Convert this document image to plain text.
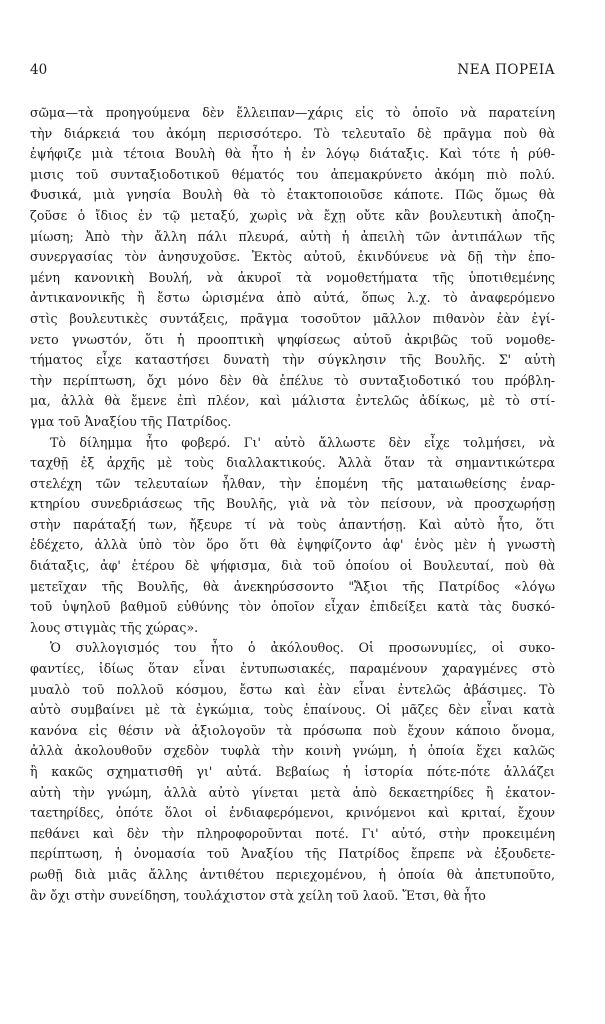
40	ΝΕΑ ΠΟΡΕΙΑ
σῶμα—τὰ προηγούμενα δὲν ἔλλειπαν—χάρις εἰς τὸ ὁποῖο νὰ παρατείνη
τὴν διάρκειά του ἀκόμη περισσότερο. Τὸ τελευταῖο δὲ πρᾶγμα ποὺ θὰ
ἐψήφιζε μιὰ τέτοια Βουλὴ θὰ ἦτο ἡ ἐν λόγῳ διάταξις. Καὶ τότε ἡ ρύθ-
μισις τοῦ συνταξιοδοτικοῦ θέματός του ἀπεμακρύνετο ἀκόμη πιὸ πολύ.
Φυσικά, μιὰ γνησία Βουλὴ θὰ τὸ ἐτακτοποιοῦσε κάποτε. Πῶς ὅμως θὰ
ζοῦσε ὁ ἴδιος ἐν τῷ μεταξύ, χωρὶς νὰ ἔχῃ οὔτε κἂν βουλευτικὴ ἀποζη-
μίωση; Ἀπὸ τὴν ἄλλη πάλι πλευρά, αὐτὴ ἡ ἀπειλὴ τῶν ἀντιπάλων τῆς
συνεργασίας τὸν ἀνησυχοῦσε. Ἐκτὸς αὐτοῦ, ἐκινδύνευε νὰ δῇ τὴν ἑπο-
μένη κανονικὴ Βουλή, νὰ ἀκυροῖ τὰ νομοθετήματα τῆς ὑποτιθεμένης
ἀντικανονικῆς ἢ ἔστω ὡρισμένα ἀπὸ αὐτά, ὅπως λ.χ. τὸ ἀναφερόμενο
στὶς βουλευτικὲς συντάξεις, πρᾶγμα τοσοῦτον μᾶλλον πιθανὸν ἐὰν ἐγί-
νετο γνωστόν, ὅτι ἡ προοπτικὴ ψηφίσεως αὐτοῦ ἀκριβῶς τοῦ νομοθε-
τήματος εἶχε καταστήσει δυνατὴ τὴν σύγκλησιν τῆς Βουλῆς. Σ' αὐτὴ
τὴν περίπτωση, ὄχι μόνο δὲν θὰ ἐπέλυε τὸ συνταξιοδοτικό του πρόβλη-
μα, ἀλλὰ θὰ ἔμενε ἐπὶ πλέον, καὶ μάλιστα ἐντελῶς ἀδίκως, μὲ τὸ στί-
γμα τοῦ Ἀναξίου τῆς Πατρίδος.
Τὸ δίλημμα ἦτο φοβερό. Γι' αὐτὸ ἄλλωστε δὲν εἶχε τολμήσει, νὰ
ταχθῇ ἐξ ἀρχῆς μὲ τοὺς διαλλακτικούς. Ἀλλὰ ὅταν τὰ σημαντικώτερα
στελέχη τῶν τελευταίων ἦλθαν, τὴν ἑπομένη τῆς ματαιωθείσης ἐναρ-
κτηρίου συνεδριάσεως τῆς Βουλῆς, γιὰ νὰ τὸν πείσουν, νὰ προσχωρήσῃ
στὴν παράταξή των, ἤξευρε τί νὰ τοὺς ἀπαντήσῃ. Καὶ αὐτὸ ἦτο, ὅτι
ἐδέχετο, ἀλλὰ ὑπὸ τὸν ὅρο ὅτι θὰ ἐψηφίζοντο ἀφ' ἑνὸς μὲν ἡ γνωστὴ
διάταξις, ἀφ' ἑτέρου δὲ ψήφισμα, διὰ τοῦ ὁποίου οἱ Βουλευταί, ποὺ θὰ
μετεῖχαν τῆς Βουλῆς, θὰ ἀνεκηρύσσοντο "Ἄξιοι τῆς Πατρίδος «λόγω
τοῦ ὑψηλοῦ βαθμοῦ εὐθύνης τὸν ὁποῖον εἶχαν ἐπιδείξει κατὰ τὰς δυσκό-
λους στιγμὰς τῆς χώρας».
Ὁ συλλογισμός του ἦτο ὁ ἀκόλουθος. Οἱ προσωνυμίες, οἱ συκο-
φαντίες, ἰδίως ὅταν εἶναι ἐντυπωσιακές, παραμένουν χαραγμένες στὸ
μυαλὸ τοῦ πολλοῦ κόσμου, ἔστω καὶ ἐὰν εἶναι ἐντελῶς ἀβάσιμες. Τὸ
αὐτὸ συμβαίνει μὲ τὰ ἐγκώμια, τοὺς ἐπαίνους. Οἱ μᾶζες δὲν εἶναι κατὰ
κανόνα εἰς θέσιν νὰ ἀξιολογοῦν τὰ πρόσωπα ποὺ ἔχουν κάποιο ὄνομα,
ἀλλὰ ἀκολουθοῦν σχεδὸν τυφλὰ τὴν κοινὴ γνώμη, ἡ ὁποία ἔχει καλῶς
ἢ κακῶς σχηματισθῆ γι' αὐτά. Βεβαίως ἡ ἱστορία πότε-πότε ἀλλάζει
αὐτὴ τὴν γνώμη, ἀλλὰ αὐτὸ γίνεται μετὰ ἀπὸ δεκαετηρίδες ἢ ἑκατον-
ταετηρίδες, ὁπότε ὅλοι οἱ ἐνδιαφερόμενοι, κρινόμενοι καὶ κριταί, ἔχουν
πεθάνει καὶ δὲν τὴν πληροφοροῦνται ποτέ. Γι' αὐτό, στὴν προκειμένη
περίπτωση, ἡ ὀνομασία τοῦ Ἀναξίου τῆς Πατρίδος ἔπρεπε νὰ ἐξουδετε-
ρωθῇ διὰ μιᾶς ἄλλης ἀντιθέτου περιεχομένου, ἡ ὁποία θὰ ἀπετυποῦτο,
ἂν ὄχι στὴν συνείδηση, τουλάχιστον στὰ χείλη τοῦ λαοῦ. Ἔτσι, θὰ ἦτο
